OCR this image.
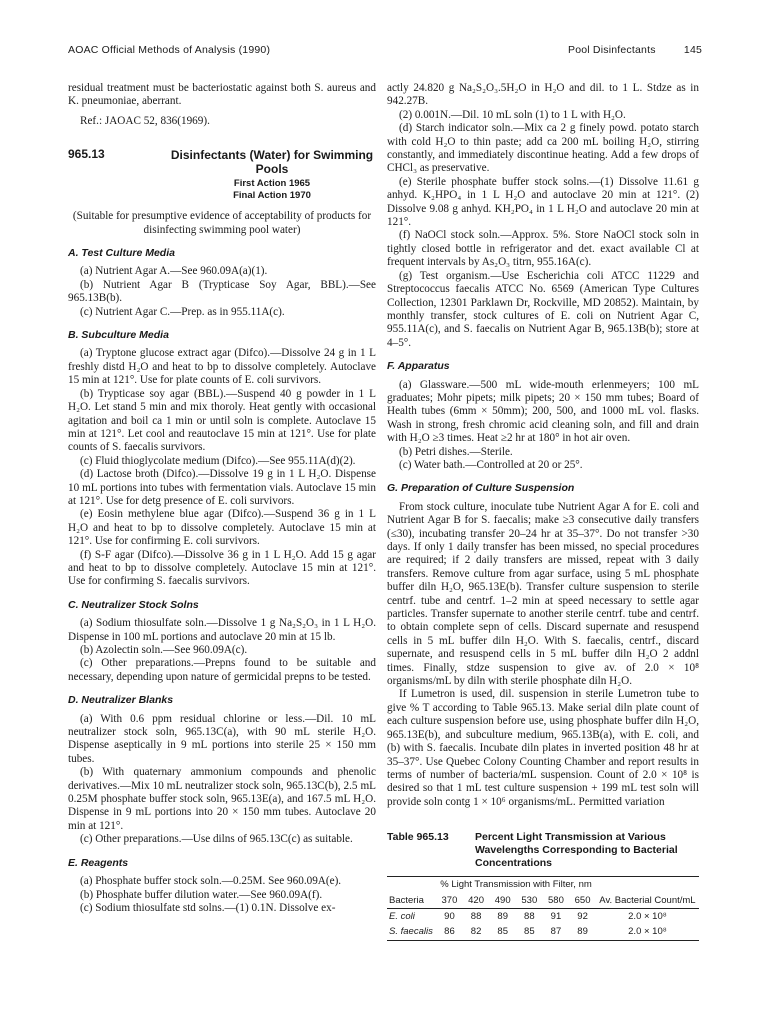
AOAC Official Methods of Analysis (1990)	Pool Disinfectants	145

residual treatment must be bacteriostatic against both S. aureus and K. pneumoniae, aberrant.

Ref.: JAOAC 52, 836(1969).

965.13	Disinfectants (Water) for Swimming Pools
First Action 1965
Final Action 1970

(Suitable for presumptive evidence of acceptability of products for disinfecting swimming pool water)

A. Test Culture Media

(a) Nutrient Agar A.—See 960.09A(a)(1).

(b) Nutrient Agar B (Trypticase Soy Agar, BBL).—See 965.13B(b).

(c) Nutrient Agar C.—Prep. as in 955.11A(c).

B. Subculture Media

(a) Tryptone glucose extract agar (Difco).—Dissolve 24 g in 1 L freshly distd H₂O and heat to bp to dissolve completely. Autoclave 15 min at 121°. Use for plate counts of E. coli survivors.

(b) Trypticase soy agar (BBL).—Suspend 40 g powder in 1 L H₂O. Let stand 5 min and mix thoroly. Heat gently with occasional agitation and boil ca 1 min or until soln is complete. Autoclave 15 min at 121°. Let cool and reautoclave 15 min at 121°. Use for plate counts of S. faecalis survivors.

(c) Fluid thioglycolate medium (Difco).—See 955.11A(d)(2).

(d) Lactose broth (Difco).—Dissolve 19 g in 1 L H₂O. Dispense 10 mL portions into tubes with fermentation vials. Autoclave 15 min at 121°. Use for detg presence of E. coli survivors.

(e) Eosin methylene blue agar (Difco).—Suspend 36 g in 1 L H₂O and heat to bp to dissolve completely. Autoclave 15 min at 121°. Use for confirming E. coli survivors.

(f) S-F agar (Difco).—Dissolve 36 g in 1 L H₂O. Add 15 g agar and heat to bp to dissolve completely. Autoclave 15 min at 121°. Use for confirming S. faecalis survivors.

C. Neutralizer Stock Solns

(a) Sodium thiosulfate soln.—Dissolve 1 g Na₂S₂O₃ in 1 L H₂O. Dispense in 100 mL portions and autoclave 20 min at 15 lb.

(b) Azolectin soln.—See 960.09A(c).

(c) Other preparations.—Prepns found to be suitable and necessary, depending upon nature of germicidal prepns to be tested.

D. Neutralizer Blanks

(a) With 0.6 ppm residual chlorine or less.—Dil. 10 mL neutralizer stock soln, 965.13C(a), with 90 mL sterile H₂O. Dispense aseptically in 9 mL portions into sterile 25 × 150 mm tubes.

(b) With quaternary ammonium compounds and phenolic derivatives.—Mix 10 mL neutralizer stock soln, 965.13C(b), 2.5 mL 0.25M phosphate buffer stock soln, 965.13E(a), and 167.5 mL H₂O. Dispense in 9 mL portions into 20 × 150 mm tubes. Autoclave 20 min at 121°.

(c) Other preparations.—Use dilns of 965.13C(c) as suitable.

E. Reagents

(a) Phosphate buffer stock soln.—0.25M. See 960.09A(e).

(b) Phosphate buffer dilution water.—See 960.09A(f).

(c) Sodium thiosulfate std solns.—(1) 0.1N. Dissolve ex-

actly 24.820 g Na₂S₂O₃.5H₂O in H₂O and dil. to 1 L. Stdze as in 942.27B.

(2) 0.001N.—Dil. 10 mL soln (1) to 1 L with H₂O.

(d) Starch indicator soln.—Mix ca 2 g finely powd. potato starch with cold H₂O to thin paste; add ca 200 mL boiling H₂O, stirring constantly, and immediately discontinue heating. Add a few drops of CHCl₃ as preservative.

(e) Sterile phosphate buffer stock solns.—(1) Dissolve 11.61 g anhyd. K₂HPO₄ in 1 L H₂O and autoclave 20 min at 121°. (2) Dissolve 9.08 g anhyd. KH₂PO₄ in 1 L H₂O and autoclave 20 min at 121°.

(f) NaOCl stock soln.—Approx. 5%. Store NaOCl stock soln in tightly closed bottle in refrigerator and det. exact available Cl at frequent intervals by As₂O₃ titrn, 955.16A(c).

(g) Test organism.—Use Escherichia coli ATCC 11229 and Streptococcus faecalis ATCC No. 6569 (American Type Cultures Collection, 12301 Parklawn Dr, Rockville, MD 20852). Maintain, by monthly transfer, stock cultures of E. coli on Nutrient Agar C, 955.11A(c), and S. faecalis on Nutrient Agar B, 965.13B(b); store at 4–5°.

F. Apparatus

(a) Glassware.—500 mL wide-mouth erlenmeyers; 100 mL graduates; Mohr pipets; milk pipets; 20 × 150 mm tubes; Board of Health tubes (6mm × 50mm); 200, 500, and 1000 mL vol. flasks. Wash in strong, fresh chromic acid cleaning soln, and fill and drain with H₂O ≥3 times. Heat ≥2 hr at 180° in hot air oven.

(b) Petri dishes.—Sterile.

(c) Water bath.—Controlled at 20 or 25°.

G. Preparation of Culture Suspension

From stock culture, inoculate tube Nutrient Agar A for E. coli and Nutrient Agar B for S. faecalis; make ≥3 consecutive daily transfers (≤30), incubating transfer 20–24 hr at 35–37°. Do not transfer >30 days. If only 1 daily transfer has been missed, no special procedures are required; if 2 daily transfers are missed, repeat with 3 daily transfers. Remove culture from agar surface, using 5 mL phosphate buffer diln H₂O, 965.13E(b). Transfer culture suspension to sterile centrf. tube and centrf. 1–2 min at speed necessary to settle agar particles. Transfer supernate to another sterile centrf. tube and centrf. to obtain complete sepn of cells. Discard supernate and resuspend cells in 5 mL buffer diln H₂O. With S. faecalis, centrf., discard supernate, and resuspend cells in 5 mL buffer diln H₂O 2 addnl times. Finally, stdze suspension to give av. of 2.0 × 10⁸ organisms/mL by diln with sterile phosphate diln H₂O.

If Lumetron is used, dil. suspension in sterile Lumetron tube to give % T according to Table 965.13. Make serial diln plate count of each culture suspension before use, using phosphate buffer diln H₂O, 965.13E(b), and subculture medium, 965.13B(a), with E. coli, and (b) with S. faecalis. Incubate diln plates in inverted position 48 hr at 35–37°. Use Quebec Colony Counting Chamber and report results in terms of number of bacteria/mL suspension. Count of 2.0 × 10⁸ is desired so that 1 mL test culture suspension + 199 mL test soln will provide soln contg 1 × 10⁶ organisms/mL. Permitted variation

Table 965.13	Percent Light Transmission at Various Wavelengths Corresponding to Bacterial Concentrations
Bacteria	% Light Transmission with Filter, nm						Av. Bacterial Count/mL
	370	420	490	530	580	650	
E. coli	90	88	89	88	91	92	2.0 × 10⁸
S. faecalis	86	82	85	85	87	89	2.0 × 10⁸
